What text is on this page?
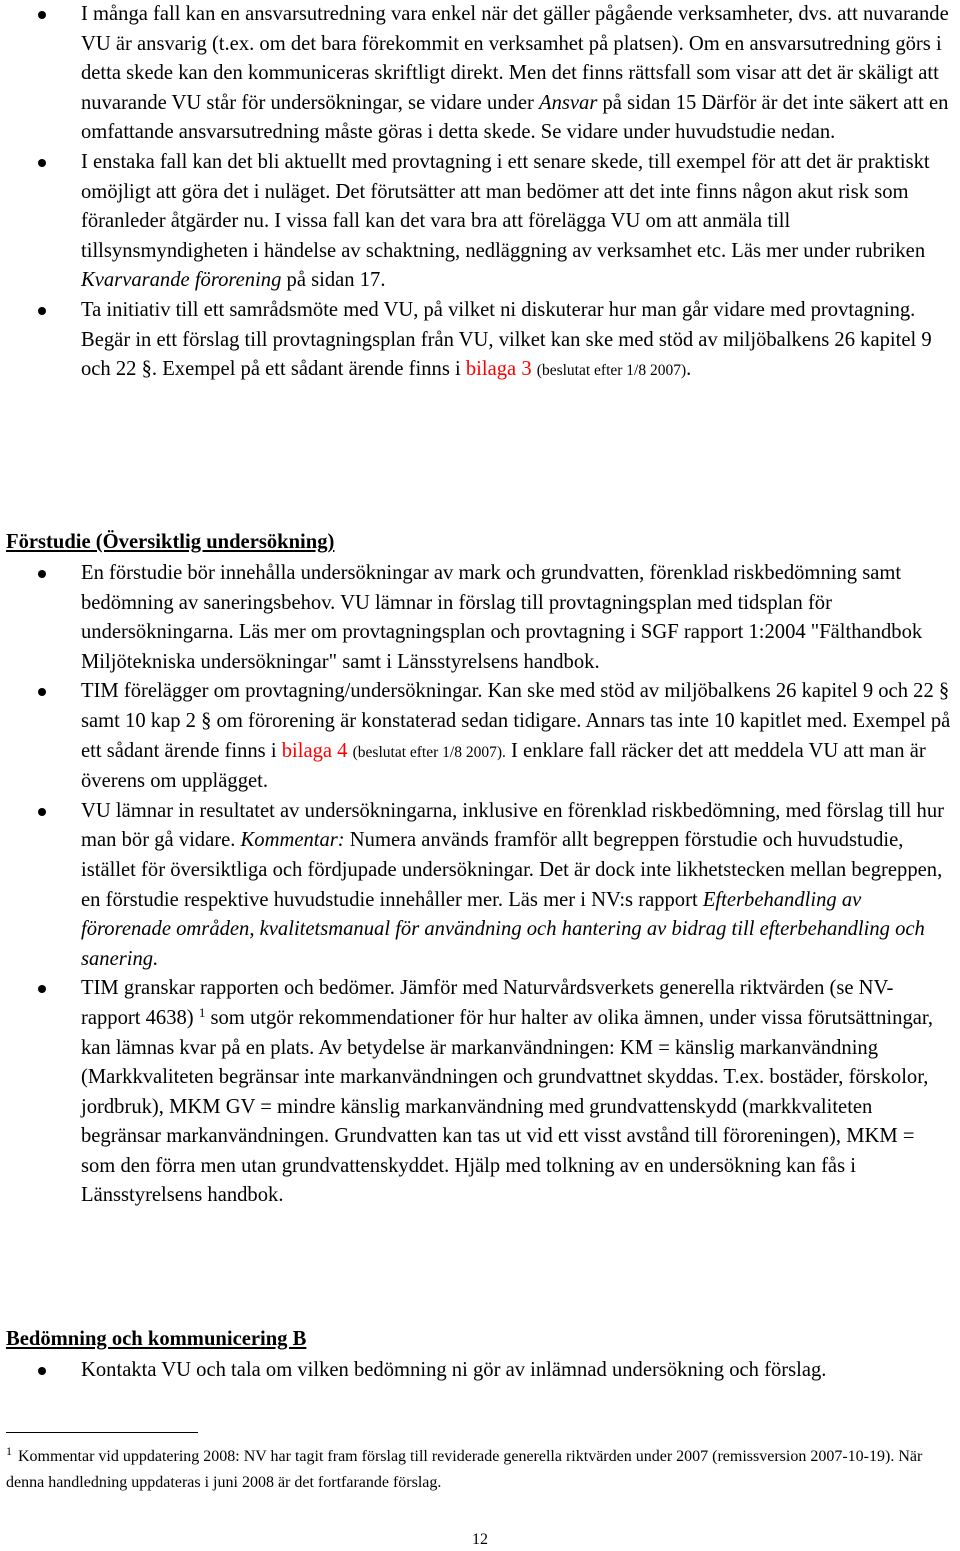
I många fall kan en ansvarsutredning vara enkel när det gäller pågående verksamheter, dvs. att nuvarande VU är ansvarig (t.ex. om det bara förekommit en verksamhet på platsen). Om en ansvarsutredning görs i detta skede kan den kommuniceras skriftligt direkt. Men det finns rättsfall som visar att det är skäligt att nuvarande VU står för undersökningar, se vidare under Ansvar på sidan 15 Därför är det inte säkert att en omfattande ansvarsutredning måste göras i detta skede. Se vidare under huvudstudie nedan.
I enstaka fall kan det bli aktuellt med provtagning i ett senare skede, till exempel för att det är praktiskt omöjligt att göra det i nuläget. Det förutsätter att man bedömer att det inte finns någon akut risk som föranleder åtgärder nu. I vissa fall kan det vara bra att förelägga VU om att anmäla till tillsynsmyndigheten i händelse av schaktning, nedläggning av verksamhet etc. Läs mer under rubriken Kvarvarande förorening på sidan 17.
Ta initiativ till ett samrådsmöte med VU, på vilket ni diskuterar hur man går vidare med provtagning. Begär in ett förslag till provtagningsplan från VU, vilket kan ske med stöd av miljöbalkens 26 kapitel 9 och 22 §. Exempel på ett sådant ärende finns i bilaga 3 (beslutat efter 1/8 2007).
Förstudie (Översiktlig undersökning)
En förstudie bör innehålla undersökningar av mark och grundvatten, förenklad riskbedömning samt bedömning av saneringsbehov. VU lämnar in förslag till provtagningsplan med tidsplan för undersökningarna. Läs mer om provtagningsplan och provtagning i SGF rapport 1:2004 "Fälthandbok Miljötekniska undersökningar" samt i Länsstyrelsens handbok.
TIM förelägger om provtagning/undersökningar. Kan ske med stöd av miljöbalkens 26 kapitel 9 och 22 § samt 10 kap 2 § om förorening är konstaterad sedan tidigare. Annars tas inte 10 kapitlet med. Exempel på ett sådant ärende finns i bilaga 4 (beslutat efter 1/8 2007). I enklare fall räcker det att meddela VU att man är överens om upplägget.
VU lämnar in resultatet av undersökningarna, inklusive en förenklad riskbedömning, med förslag till hur man bör gå vidare. Kommentar: Numera används framför allt begreppen förstudie och huvudstudie, istället för översiktliga och fördjupade undersökningar. Det är dock inte likhetstecken mellan begreppen, en förstudie respektive huvudstudie innehåller mer. Läs mer i NV:s rapport Efterbehandling av förorenade områden, kvalitetsmanual för användning och hantering av bidrag till efterbehandling och sanering.
TIM granskar rapporten och bedömer. Jämför med Naturvårdsverkets generella riktvärden (se NV-rapport 4638) $^1$ som utgör rekommendationer för hur halter av olika ämnen, under vissa förutsättningar, kan lämnas kvar på en plats. Av betydelse är markanvändningen: KM = känslig markanvändning (Markkvaliteten begränsar inte markanvändningen och grundvattnet skyddas. T.ex. bostäder, förskolor, jordbruk), MKM GV = mindre känslig markanvändning med grundvattenskydd (markkvaliteten begränsar markanvändningen. Grundvatten kan tas ut vid ett visst avstånd till föroreningen), MKM = som den förra men utan grundvattenskyddet. Hjälp med tolkning av en undersökning kan fås i Länsstyrelsens handbok.
Bedömning och kommunicering B
Kontakta VU och tala om vilken bedömning ni gör av inlämnad undersökning och förslag.
$^1$ Kommentar vid uppdatering 2008: NV har tagit fram förslag till reviderade generella riktvärden under 2007 (remissversion 2007-10-19). När denna handledning uppdateras i juni 2008 är det fortfarande förslag.
12
